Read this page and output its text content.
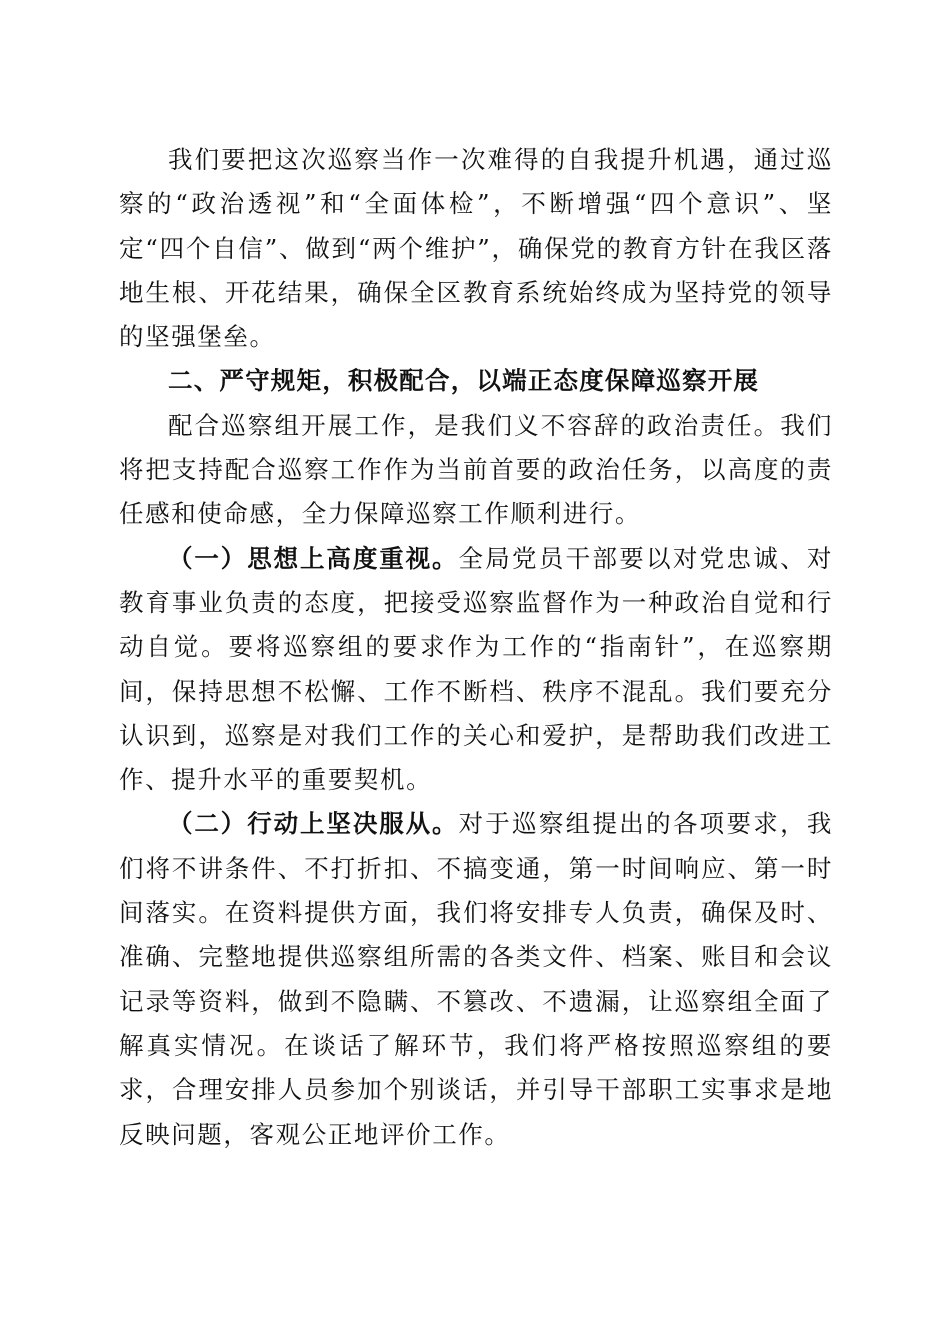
我们要把这次巡察当作一次难得的自我提升机遇，通过巡察的“政治透视”和“全面体检”，不断增强“四个意识”、坚定“四个自信”、做到“两个维护”，确保党的教育方针在我区落地生根、开花结果，确保全区教育系统始终成为坚持党的领导的坚强堡垒。

二、严守规矩，积极配合，以端正态度保障巡察开展

配合巡察组开展工作，是我们义不容辞的政治责任。我们将把支持配合巡察工作作为当前首要的政治任务，以高度的责任感和使命感，全力保障巡察工作顺利进行。

（一）思想上高度重视。全局党员干部要以对党忠诚、对教育事业负责的态度，把接受巡察监督作为一种政治自觉和行动自觉。要将巡察组的要求作为工作的“指南针”，在巡察期间，保持思想不松懈、工作不断档、秩序不混乱。我们要充分认识到，巡察是对我们工作的关心和爱护，是帮助我们改进工作、提升水平的重要契机。

（二）行动上坚决服从。对于巡察组提出的各项要求，我们将不讲条件、不打折扣、不搞变通，第一时间响应、第一时间落实。在资料提供方面，我们将安排专人负责，确保及时、准确、完整地提供巡察组所需的各类文件、档案、账目和会议记录等资料，做到不隐瞒、不篡改、不遗漏，让巡察组全面了解真实情况。在谈话了解环节，我们将严格按照巡察组的要求，合理安排人员参加个别谈话，并引导干部职工实事求是地反映问题，客观公正地评价工作。
